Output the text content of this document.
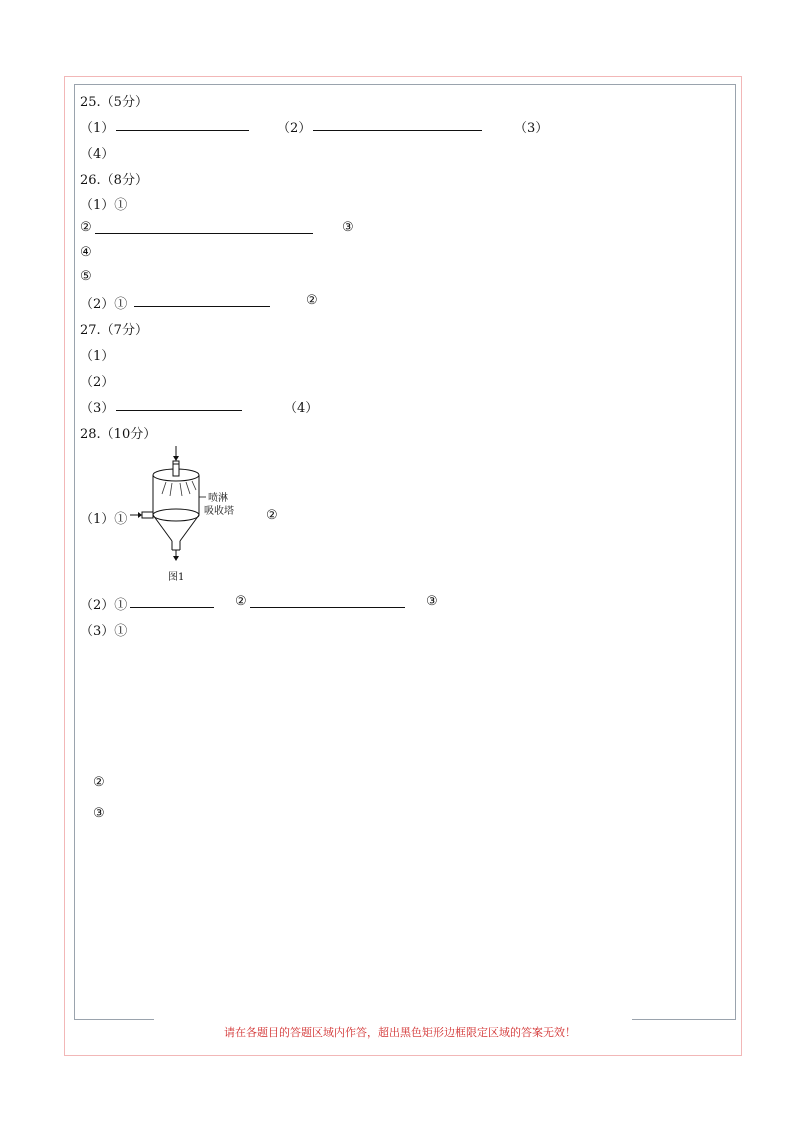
25.（5分）
（1）	（2）	（3）
（4）
26.（8分）
（1）①
②	③
④
⑤
（2）①	②
27.（7分）
（1）
（2）
（3）	（4）
28.（10分）
喷淋
吸收塔
图1
（1）①	②
（2）①	②	③
（3）①
②
③
请在各题目的答题区域内作答，超出黑色矩形边框限定区域的答案无效！
